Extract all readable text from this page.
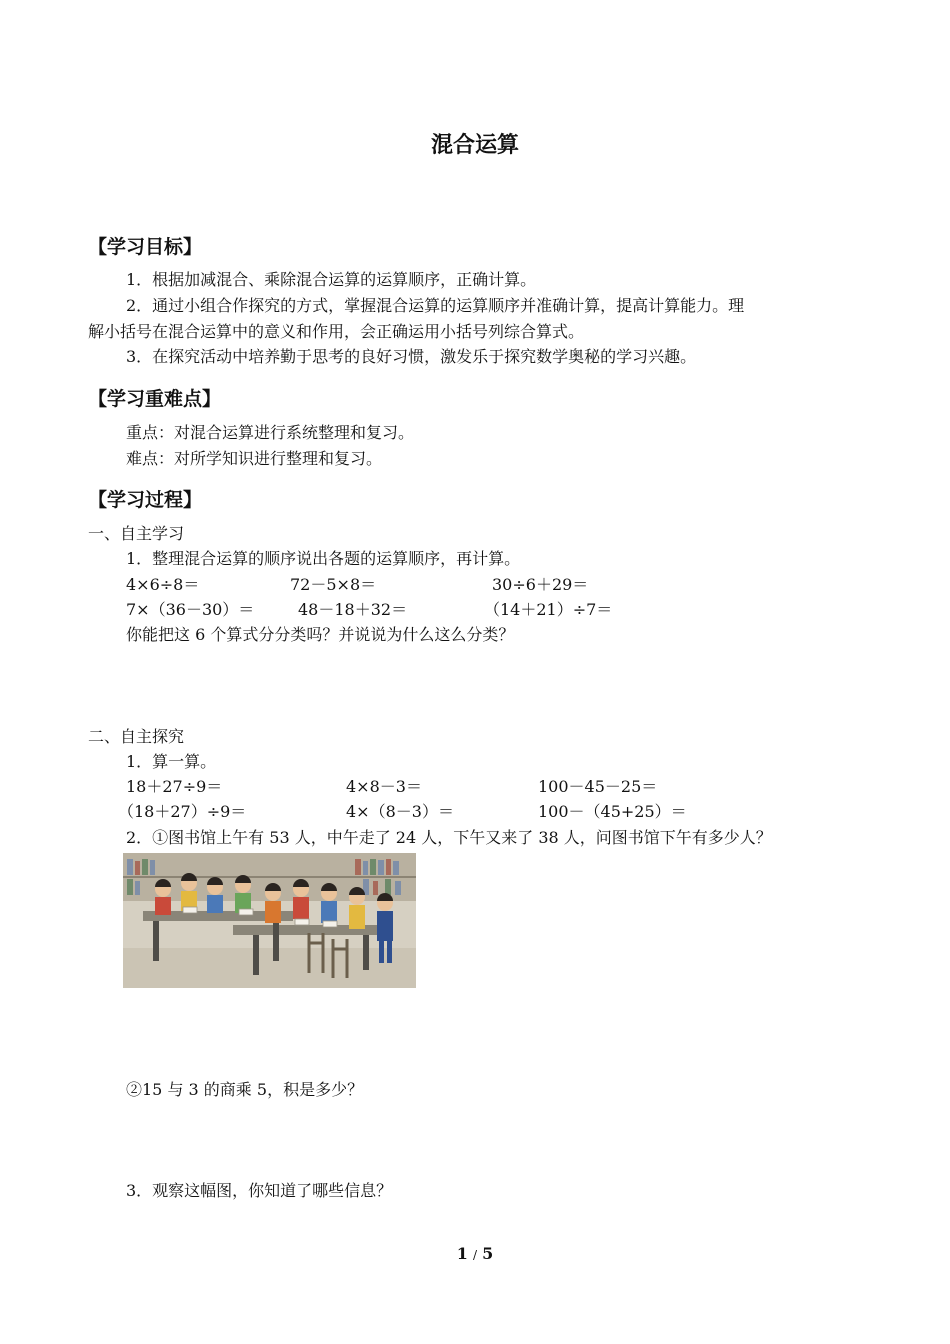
混合运算
【学习目标】
1．根据加减混合、乘除混合运算的运算顺序，正确计算。
2．通过小组合作探究的方式，掌握混合运算的运算顺序并准确计算，提高计算能力。理
解小括号在混合运算中的意义和作用，会正确运用小括号列综合算式。
3．在探究活动中培养勤于思考的良好习惯，激发乐于探究数学奥秘的学习兴趣。
【学习重难点】
重点：对混合运算进行系统整理和复习。
难点：对所学知识进行整理和复习。
【学习过程】
一、自主学习
1．整理混合运算的顺序说出各题的运算顺序，再计算。
4×6÷8＝	72－5×8＝	30÷6＋29＝
7×（36－30）＝	48－18＋32＝	（14＋21）÷7＝
你能把这 6 个算式分分类吗？并说说为什么这么分类？
二、自主探究
1．算一算。
18＋27÷9＝	4×8－3＝	100－45－25＝
（18＋27）÷9＝	4×（8－3）＝	100－（45+25）＝
2．①图书馆上午有 53 人，中午走了 24 人，下午又来了 38 人，问图书馆下午有多少人？
②15 与 3 的商乘 5，积是多少？
3．观察这幅图，你知道了哪些信息？
1 / 5
